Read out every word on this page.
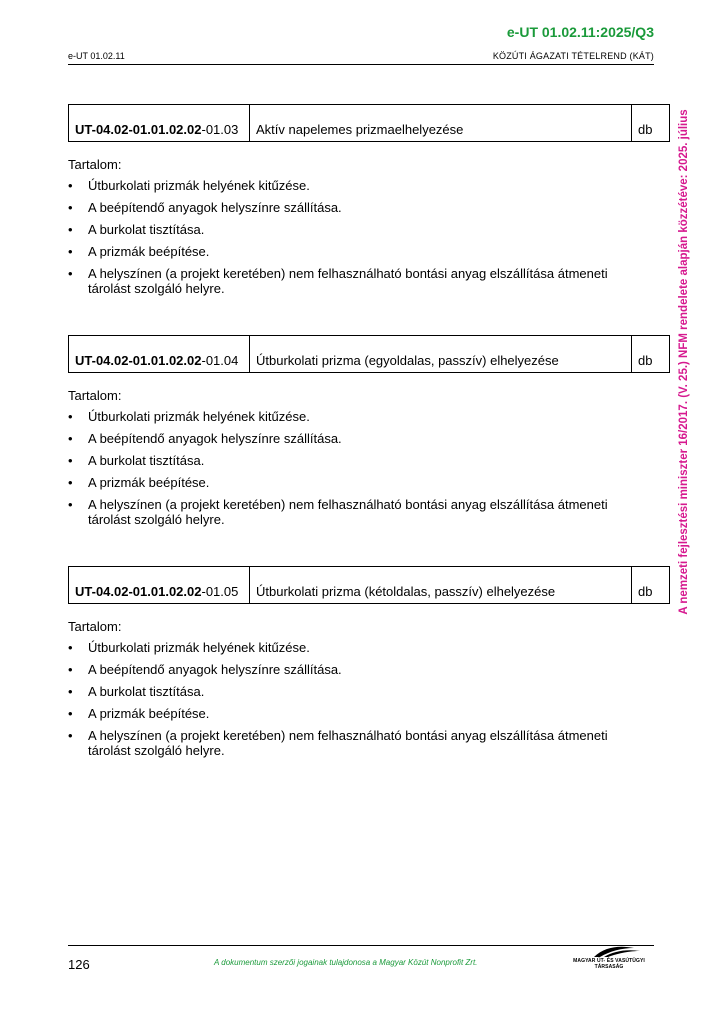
e-UT 01.02.11:2025/Q3
e-UT 01.02.11	KÖZÚTI ÁGAZATI TÉTELREND (KÁT)
A nemzeti fejlesztési miniszter 16/2017. (V. 25.) NFM rendelete alapján közzétéve: 2025. július
UT-04.02-01.01.02.02-01.03	Aktív napelemes prizmaelhelyezése	db
Tartalom:
•	Útburkolati prizmák helyének kitűzése.
•	A beépítendő anyagok helyszínre szállítása.
•	A burkolat tisztítása.
•	A prizmák beépítése.
•	A helyszínen (a projekt keretében) nem felhasználható bontási anyag elszállítása átmeneti tárolást szolgáló helyre.
UT-04.02-01.01.02.02-01.04	Útburkolati prizma (egyoldalas, passzív) elhelyezése	db
Tartalom:
•	Útburkolati prizmák helyének kitűzése.
•	A beépítendő anyagok helyszínre szállítása.
•	A burkolat tisztítása.
•	A prizmák beépítése.
•	A helyszínen (a projekt keretében) nem felhasználható bontási anyag elszállítása átmeneti tárolást szolgáló helyre.
UT-04.02-01.01.02.02-01.05	Útburkolati prizma (kétoldalas, passzív) elhelyezése	db
Tartalom:
•	Útburkolati prizmák helyének kitűzése.
•	A beépítendő anyagok helyszínre szállítása.
•	A burkolat tisztítása.
•	A prizmák beépítése.
•	A helyszínen (a projekt keretében) nem felhasználható bontási anyag elszállítása átmeneti tárolást szolgáló helyre.
126	A dokumentum szerzői jogainak tulajdonosa a Magyar Közút Nonprofit Zrt.	MAGYAR ÚT- ÉS VASÚTÜGYI TÁRSASÁG
